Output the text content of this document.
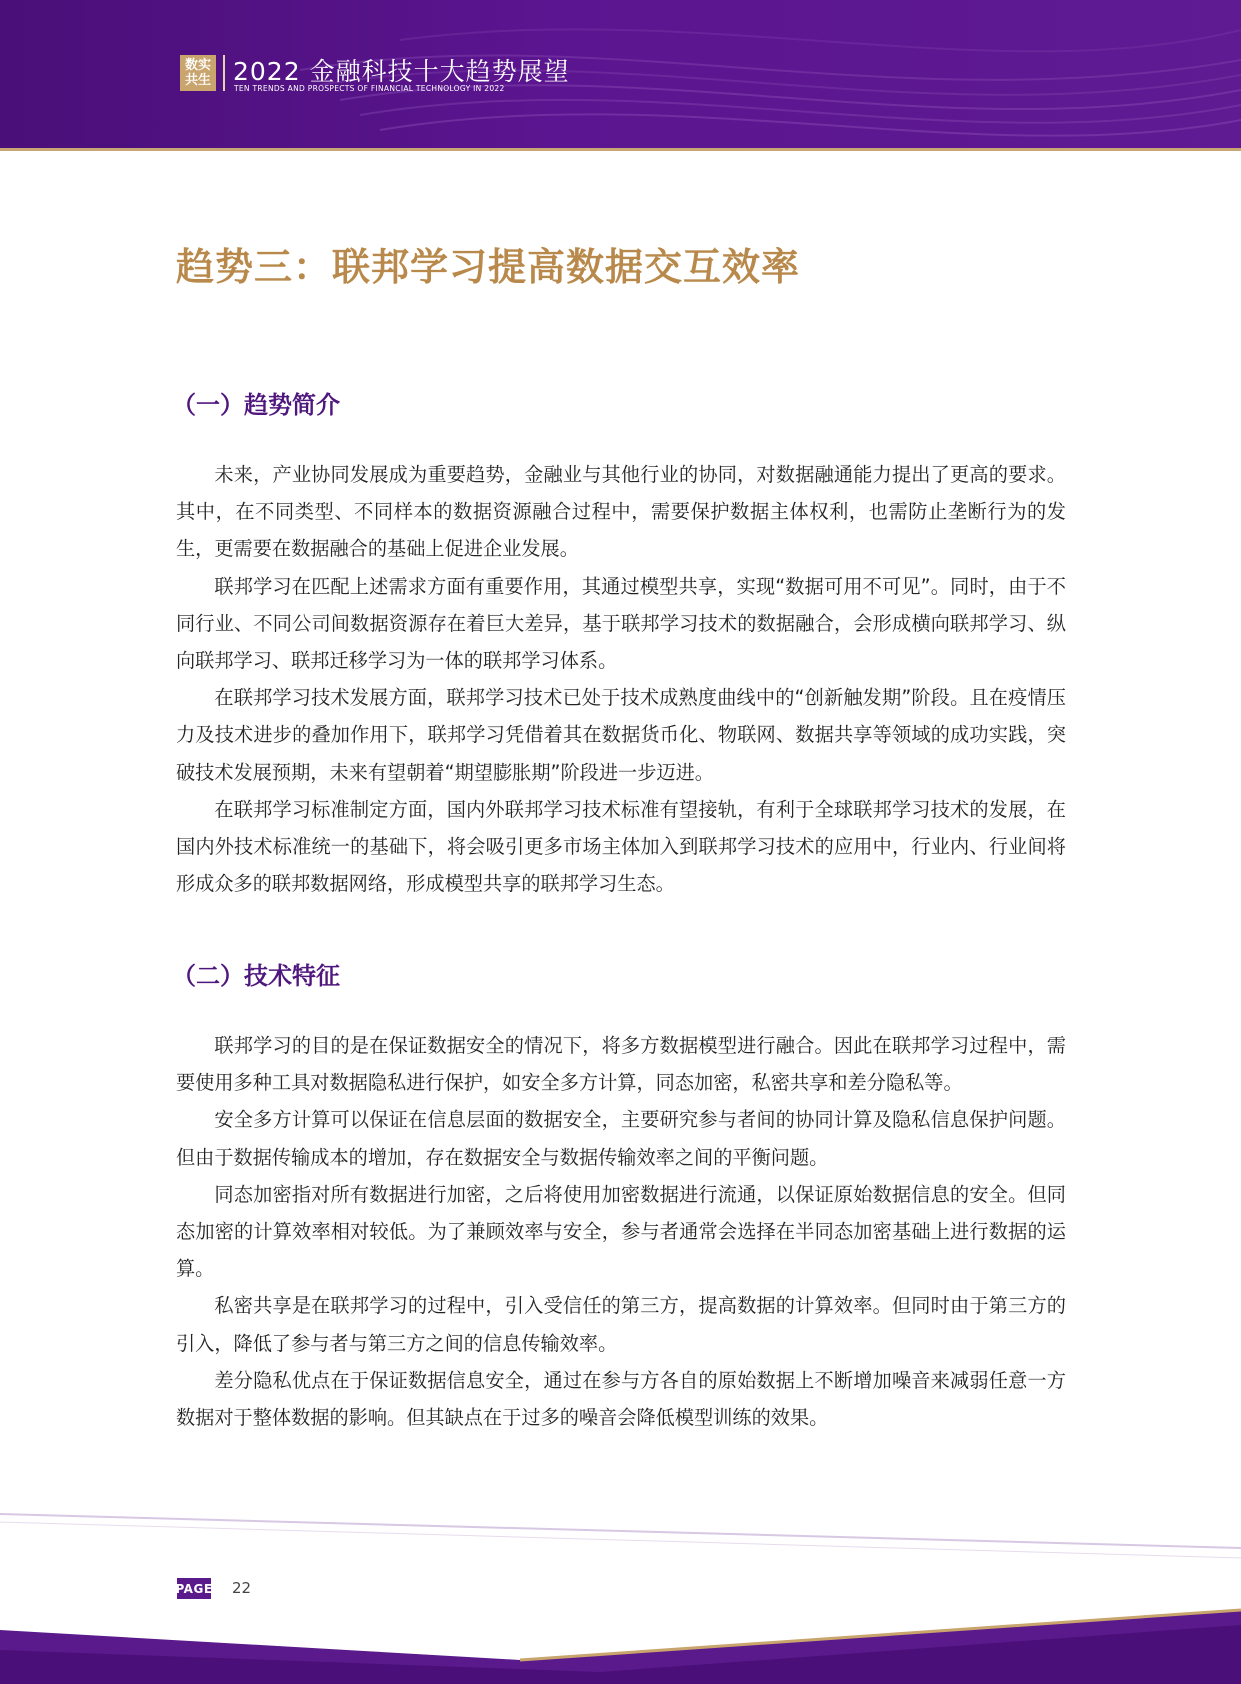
数实共生 2022 金融科技十大趋势展望
TEN TRENDS AND PROSPECTS OF FINANCIAL TECHNOLOGY IN 2022
趋势三：联邦学习提高数据交互效率
（一）趋势简介

未来，产业协同发展成为重要趋势，金融业与其他行业的协同，对数据融通能力提出了更高的要求。其中，在不同类型、不同样本的数据资源融合过程中，需要保护数据主体权利，也需防止垄断行为的发生，更需要在数据融合的基础上促进企业发展。

联邦学习在匹配上述需求方面有重要作用，其通过模型共享，实现“数据可用不可见”。同时，由于不同行业、不同公司间数据资源存在着巨大差异，基于联邦学习技术的数据融合，会形成横向联邦学习、纵向联邦学习、联邦迁移学习为一体的联邦学习体系。

在联邦学习技术发展方面，联邦学习技术已处于技术成熟度曲线中的“创新触发期”阶段。且在疫情压力及技术进步的叠加作用下，联邦学习凭借着其在数据货币化、物联网、数据共享等领域的成功实践，突破技术发展预期，未来有望朝着“期望膨胀期”阶段进一步迈进。

在联邦学习标准制定方面，国内外联邦学习技术标准有望接轨，有利于全球联邦学习技术的发展，在国内外技术标准统一的基础下，将会吸引更多市场主体加入到联邦学习技术的应用中，行业内、行业间将形成众多的联邦数据网络，形成模型共享的联邦学习生态。

（二）技术特征

联邦学习的目的是在保证数据安全的情况下，将多方数据模型进行融合。因此在联邦学习过程中，需要使用多种工具对数据隐私进行保护，如安全多方计算，同态加密，私密共享和差分隐私等。

安全多方计算可以保证在信息层面的数据安全，主要研究参与者间的协同计算及隐私信息保护问题。但由于数据传输成本的增加，存在数据安全与数据传输效率之间的平衡问题。

同态加密指对所有数据进行加密，之后将使用加密数据进行流通，以保证原始数据信息的安全。但同态加密的计算效率相对较低。为了兼顾效率与安全，参与者通常会选择在半同态加密基础上进行数据的运算。

私密共享是在联邦学习的过程中，引入受信任的第三方，提高数据的计算效率。但同时由于第三方的引入，降低了参与者与第三方之间的信息传输效率。

差分隐私优点在于保证数据信息安全，通过在参与方各自的原始数据上不断增加噪音来减弱任意一方数据对于整体数据的影响。但其缺点在于过多的噪音会降低模型训练的效果。

PAGE 22
